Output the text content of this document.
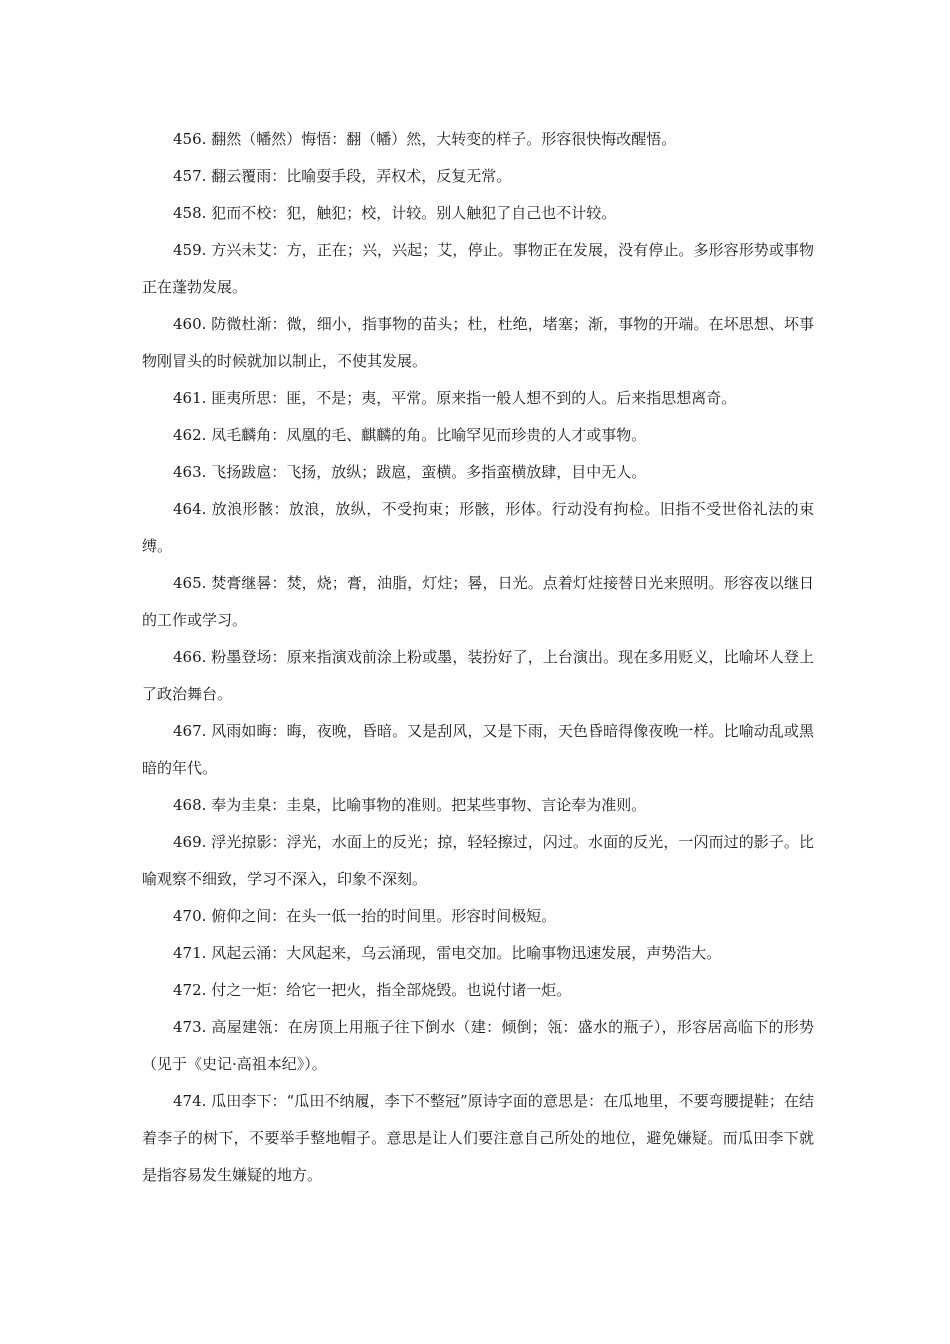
456. 翻然（幡然）悔悟：翻（幡）然，大转变的样子。形容很快悔改醒悟。

457. 翻云覆雨：比喻耍手段，弄权术，反复无常。

458. 犯而不校：犯，触犯；校，计较。别人触犯了自己也不计较。

459. 方兴未艾：方，正在；兴，兴起；艾，停止。事物正在发展，没有停止。多形容形势或事物正在蓬勃发展。

460. 防微杜渐：微，细小，指事物的苗头；杜，杜绝，堵塞；渐，事物的开端。在坏思想、坏事物刚冒头的时候就加以制止，不使其发展。

461. 匪夷所思：匪，不是；夷，平常。原来指一般人想不到的人。后来指思想离奇。

462. 凤毛麟角：凤凰的毛、麒麟的角。比喻罕见而珍贵的人才或事物。

463. 飞扬跋扈：飞扬，放纵；跋扈，蛮横。多指蛮横放肆，目中无人。

464. 放浪形骸：放浪，放纵，不受拘束；形骸，形体。行动没有拘检。旧指不受世俗礼法的束缚。

465. 焚膏继晷：焚，烧；膏，油脂，灯炷；晷，日光。点着灯炷接替日光来照明。形容夜以继日的工作或学习。

466. 粉墨登场：原来指演戏前涂上粉或墨，装扮好了，上台演出。现在多用贬义，比喻坏人登上了政治舞台。

467. 风雨如晦：晦，夜晚，昏暗。又是刮风，又是下雨，天色昏暗得像夜晚一样。比喻动乱或黑暗的年代。

468. 奉为圭臬：圭臬，比喻事物的准则。把某些事物、言论奉为准则。

469. 浮光掠影：浮光，水面上的反光；掠，轻轻擦过，闪过。水面的反光，一闪而过的影子。比喻观察不细致，学习不深入，印象不深刻。

470. 俯仰之间：在头一低一抬的时间里。形容时间极短。

471. 风起云涌：大风起来，乌云涌现，雷电交加。比喻事物迅速发展，声势浩大。

472. 付之一炬：给它一把火，指全部烧毁。也说付诸一炬。

473. 高屋建瓴：在房顶上用瓶子往下倒水（建：倾倒；瓴：盛水的瓶子），形容居高临下的形势（见于《史记·高祖本纪》）。

474. 瓜田李下：“瓜田不纳履，李下不整冠”原诗字面的意思是：在瓜地里，不要弯腰提鞋；在结着李子的树下，不要举手整地帽子。意思是让人们要注意自己所处的地位，避免嫌疑。而瓜田李下就是指容易发生嫌疑的地方。
